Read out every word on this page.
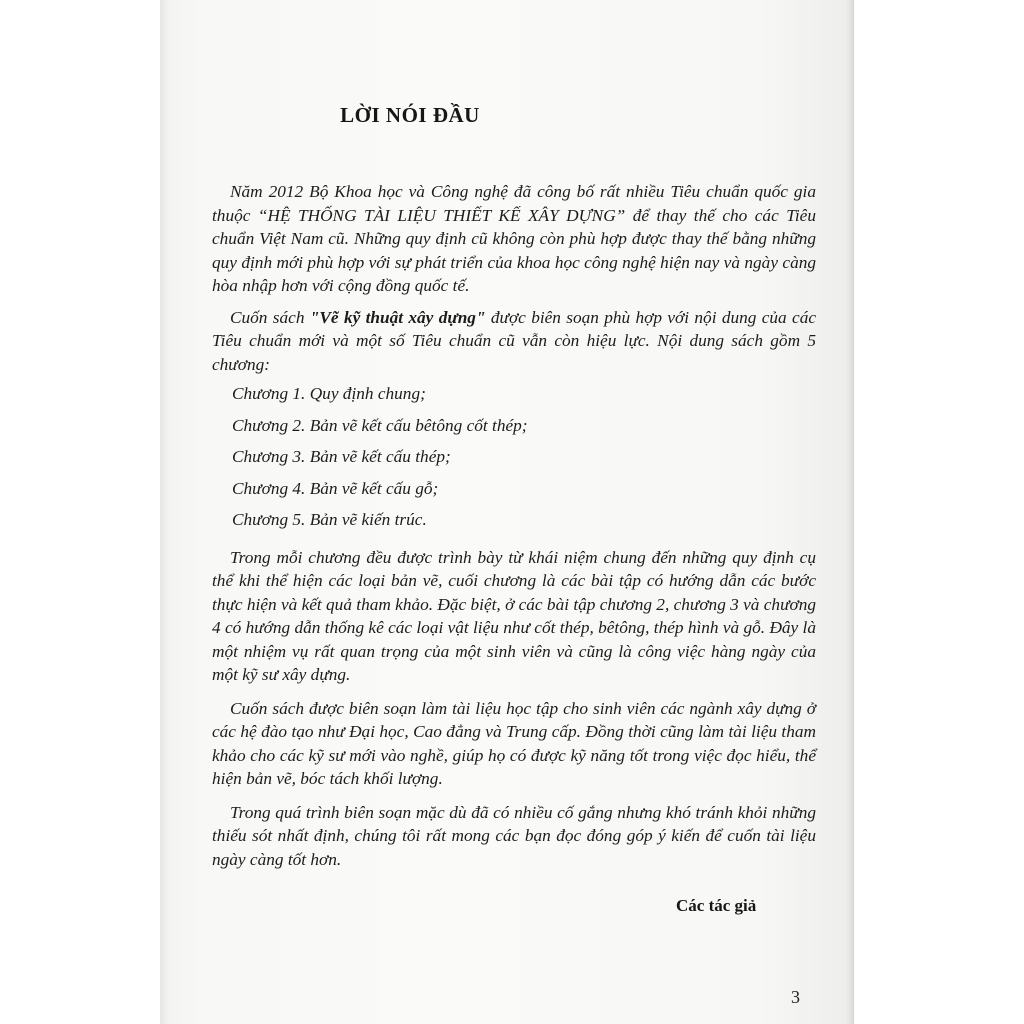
LỜI NÓI ĐẦU

Năm 2012 Bộ Khoa học và Công nghệ đã công bố rất nhiều Tiêu chuẩn quốc gia thuộc “HỆ THỐNG TÀI LIỆU THIẾT KẾ XÂY DỰNG” để thay thế cho các Tiêu chuẩn Việt Nam cũ. Những quy định cũ không còn phù hợp được thay thế bằng những quy định mới phù hợp với sự phát triển của khoa học công nghệ hiện nay và ngày càng hòa nhập hơn với cộng đồng quốc tế.

Cuốn sách "Vẽ kỹ thuật xây dựng" được biên soạn phù hợp với nội dung của các Tiêu chuẩn mới và một số Tiêu chuẩn cũ vẫn còn hiệu lực. Nội dung sách gồm 5 chương:

Chương 1. Quy định chung;
Chương 2. Bản vẽ kết cấu bêtông cốt thép;
Chương 3. Bản vẽ kết cấu thép;
Chương 4. Bản vẽ kết cấu gỗ;
Chương 5. Bản vẽ kiến trúc.

Trong mỗi chương đều được trình bày từ khái niệm chung đến những quy định cụ thể khi thể hiện các loại bản vẽ, cuối chương là các bài tập có hướng dẫn các bước thực hiện và kết quả tham khảo. Đặc biệt, ở các bài tập chương 2, chương 3 và chương 4 có hướng dẫn thống kê các loại vật liệu như cốt thép, bêtông, thép hình và gỗ. Đây là một nhiệm vụ rất quan trọng của một sinh viên và cũng là công việc hàng ngày của một kỹ sư xây dựng.

Cuốn sách được biên soạn làm tài liệu học tập cho sinh viên các ngành xây dựng ở các hệ đào tạo như Đại học, Cao đẳng và Trung cấp. Đồng thời cũng làm tài liệu tham khảo cho các kỹ sư mới vào nghề, giúp họ có được kỹ năng tốt trong việc đọc hiểu, thể hiện bản vẽ, bóc tách khối lượng.

Trong quá trình biên soạn mặc dù đã có nhiều cố gắng nhưng khó tránh khỏi những thiếu sót nhất định, chúng tôi rất mong các bạn đọc đóng góp ý kiến để cuốn tài liệu ngày càng tốt hơn.

Các tác giả
3
